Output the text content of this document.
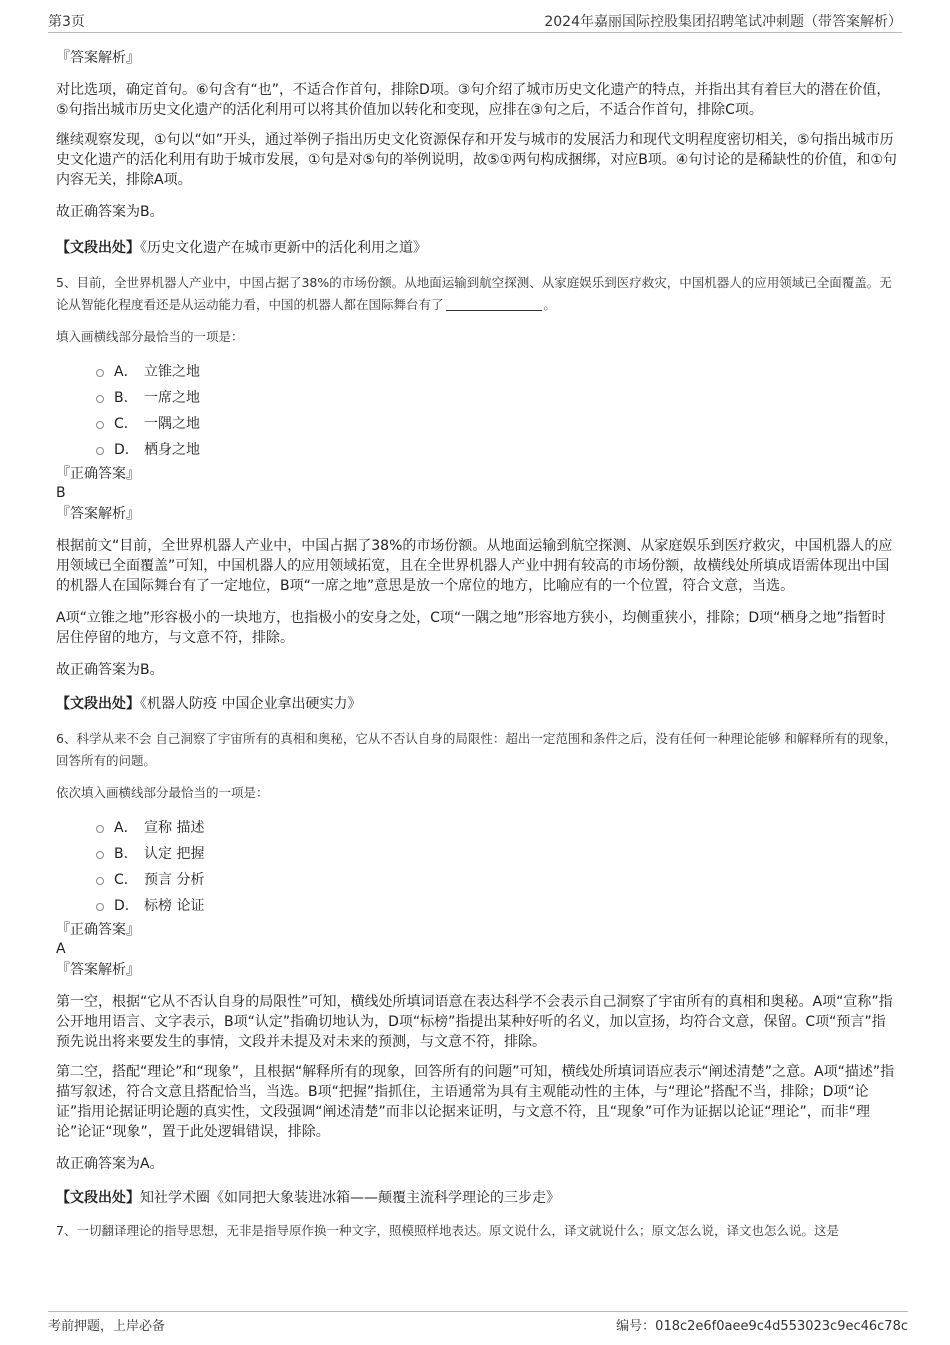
第3页	2024年嘉丽国际控股集团招聘笔试冲刺题（带答案解析）
『答案解析』

对比选项，确定首句。⑥句含有“也”，不适合作首句，排除D项。③句介绍了城市历史文化遗产的特点，并指出其有着巨大的潜在价值，⑤句指出城市历史文化遗产的活化利用可以将其价值加以转化和变现，应排在③句之后，不适合作首句，排除C项。

继续观察发现，①句以“如”开头，通过举例子指出历史文化资源保存和开发与城市的发展活力和现代文明程度密切相关，⑤句指出城市历史文化遗产的活化利用有助于城市发展，①句是对⑤句的举例说明，故⑤①两句构成捆绑，对应B项。④句讨论的是稀缺性的价值，和①句内容无关，排除A项。

故正确答案为B。

【文段出处】《历史文化遗产在城市更新中的活化利用之道》

5、目前，全世界机器人产业中，中国占据了38%的市场份额。从地面运输到航空探测、从家庭娱乐到医疗救灾，中国机器人的应用领域已全面覆盖。无论从智能化程度看还是从运动能力看，中国的机器人都在国际舞台有了	。

填入画横线部分最恰当的一项是：

A． 立锥之地
B． 一席之地
C． 一隅之地
D． 栖身之地
『正确答案』
B
『答案解析』

根据前文“目前，全世界机器人产业中，中国占据了38%的市场份额。从地面运输到航空探测、从家庭娱乐到医疗救灾，中国机器人的应用领域已全面覆盖”可知，中国机器人的应用领域拓宽，且在全世界机器人产业中拥有较高的市场份额，故横线处所填成语需体现出中国的机器人在国际舞台有了一定地位，B项“一席之地”意思是放一个席位的地方，比喻应有的一个位置，符合文意，当选。

A项“立锥之地”形容极小的一块地方，也指极小的安身之处，C项“一隅之地”形容地方狭小，均侧重狭小，排除；D项“栖身之地”指暂时居住停留的地方，与文意不符，排除。

故正确答案为B。

【文段出处】《机器人防疫 中国企业拿出硬实力》

6、科学从来不会 自己洞察了宇宙所有的真相和奥秘，它从不否认自身的局限性：超出一定范围和条件之后，没有任何一种理论能够 和解释所有的现象，回答所有的问题。

依次填入画横线部分最恰当的一项是：

A． 宣称 描述
B． 认定 把握
C． 预言 分析
D． 标榜 论证
『正确答案』
A
『答案解析』

第一空，根据“它从不否认自身的局限性”可知，横线处所填词语意在表达科学不会表示自己洞察了宇宙所有的真相和奥秘。A项“宣称”指公开地用语言、文字表示，B项“认定”指确切地认为，D项“标榜”指提出某种好听的名义，加以宣扬，均符合文意，保留。C项“预言”指预先说出将来要发生的事情，文段并未提及对未来的预测，与文意不符，排除。

第二空，搭配“理论”和“现象”，且根据“解释所有的现象，回答所有的问题”可知，横线处所填词语应表示“阐述清楚”之意。A项“描述”指描写叙述，符合文意且搭配恰当，当选。B项“把握”指抓住，主语通常为具有主观能动性的主体，与“理论”搭配不当，排除；D项“论证”指用论据证明论题的真实性，文段强调“阐述清楚”而非以论据来证明，与文意不符，且“现象”可作为证据以论证“理论”，而非“理论”论证“现象”，置于此处逻辑错误，排除。

故正确答案为A。

【文段出处】知社学术圈《如同把大象装进冰箱——颠覆主流科学理论的三步走》

7、一切翻译理论的指导思想，无非是指导原作换一种文字，照模照样地表达。原文说什么，译文就说什么；原文怎么说，译文也怎么说。这是

考前押题，上岸必备	编号：018c2e6f0aee9c4d553023c9ec46c78c
